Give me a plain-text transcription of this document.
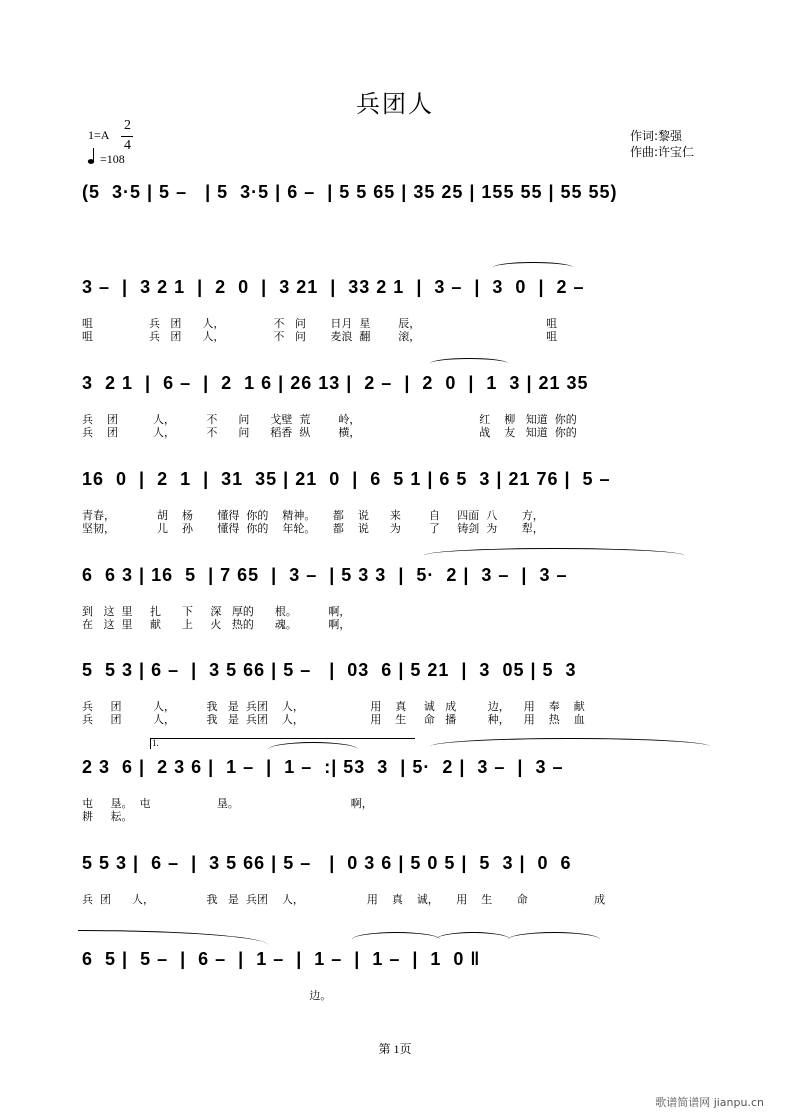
兵团人
1=A
2
4
=108
作词:黎强
作曲:许宝仁
(5  3·5 | 5 –   | 5  3·5 | 6 –  | 5 5 65 | 35 25 | 155 55 | 55 55)
3 –  |  3 2 1  |  2  0  |  3 21  |  33 2 1  |  3 –  |  3  0  |  2 –
咀                兵   团      人，              不   问       日月  星        辰，                                    咀
咀                兵   团      人，              不   问       麦浪  翻        滚，                                    咀
3  2 1  |  6 –  |  2  1 6 | 26 13 |  2 –  |  2  0  |  1  3 | 21 35
兵    团          人，         不      问      戈壁  荒        岭，                                  红    柳   知道  你的
兵    团          人，         不      问      稻香  纵        横，                                  战    友   知道  你的
16  0  |  2  1  |  31  35 | 21  0  |  6  5 1 | 6 5  3 | 21 76 |  5 –
青春，            胡    杨       懂得  你的    精神。     都    说      来        自     四面  八       方，
坚韧，            儿    孙       懂得  你的    年轮。     都    说      为        了     铸剑  为       犁，
6  6 3 | 16  5  | 7 65  |  3 –  | 5 3 3  |  5·  2 |  3 –  |  3 –
到   这  里     扎      下     深   厚的      根。         啊，
在   这  里     献      上     火   热的      魂。         啊，
5  5 3 | 6 –  |  3 5 66 | 5 –   |  03  6 | 5 21  |  3  05 | 5  3
兵     团         人，         我   是  兵团    人，                   用    真     诚   成         边，    用    奉    献
兵     团         人，         我   是  兵团    人，                   用    生     命   播         种，    用    热    血
1.
2 3  6 |  2 3 6 |  1 –  |  1 –  :| 53  3  | 5·  2 |  3 –  |  3 –
屯     垦。  屯                   垦。                                啊，
耕     耘。
5 5 3 |  6 –  |  3 5 66 | 5 –   |  0 3 6 | 5 0 5 |  5  3 |  0  6
兵  团      人，               我   是  兵团    人，                  用    真    诚，     用    生       命                   成
6  5 |  5 –  |  6 –  |  1 –  |  1 –  |  1 –  |  1  0 ‖
边。
第 1页
歌谱简谱网 jianpu.cn
